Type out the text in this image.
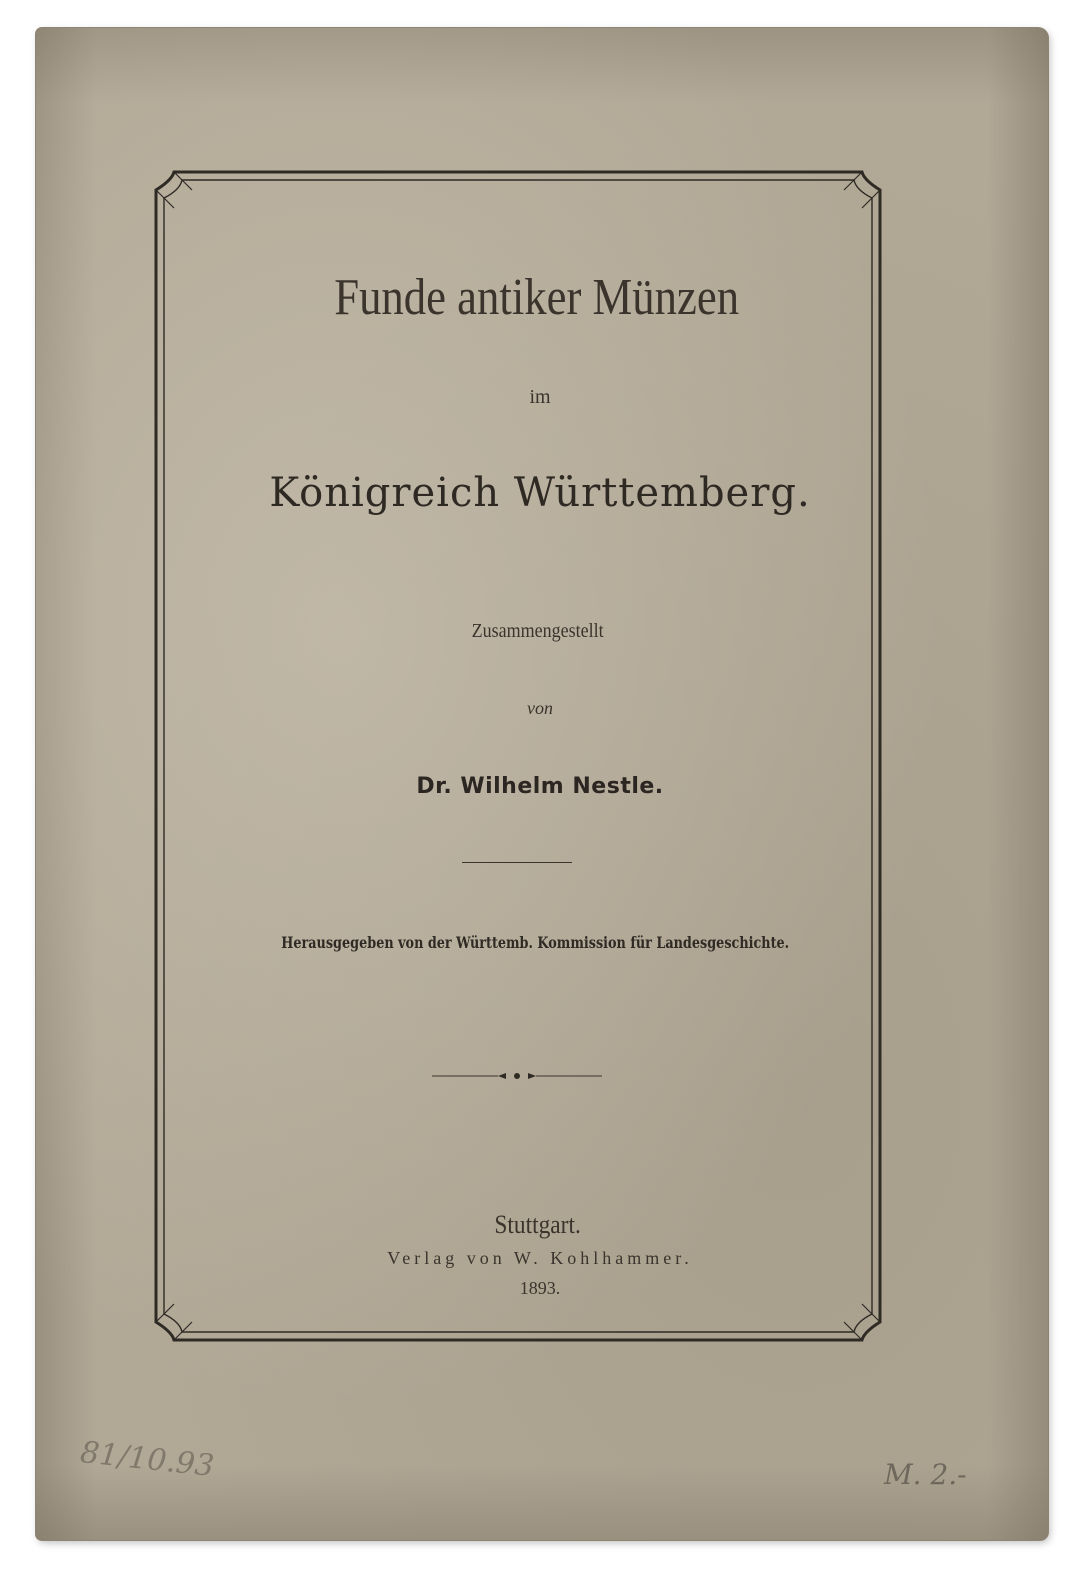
Funde antiker Münzen
im
Königreich Württemberg.
Zusammengestellt
von
Dr. Wilhelm Nestle.
Herausgegeben von der Württemb. Kommission für Landesgeschichte.
Stuttgart.
Verlag von W. Kohlhammer.
1893.
81/10.93	M. 2.-
